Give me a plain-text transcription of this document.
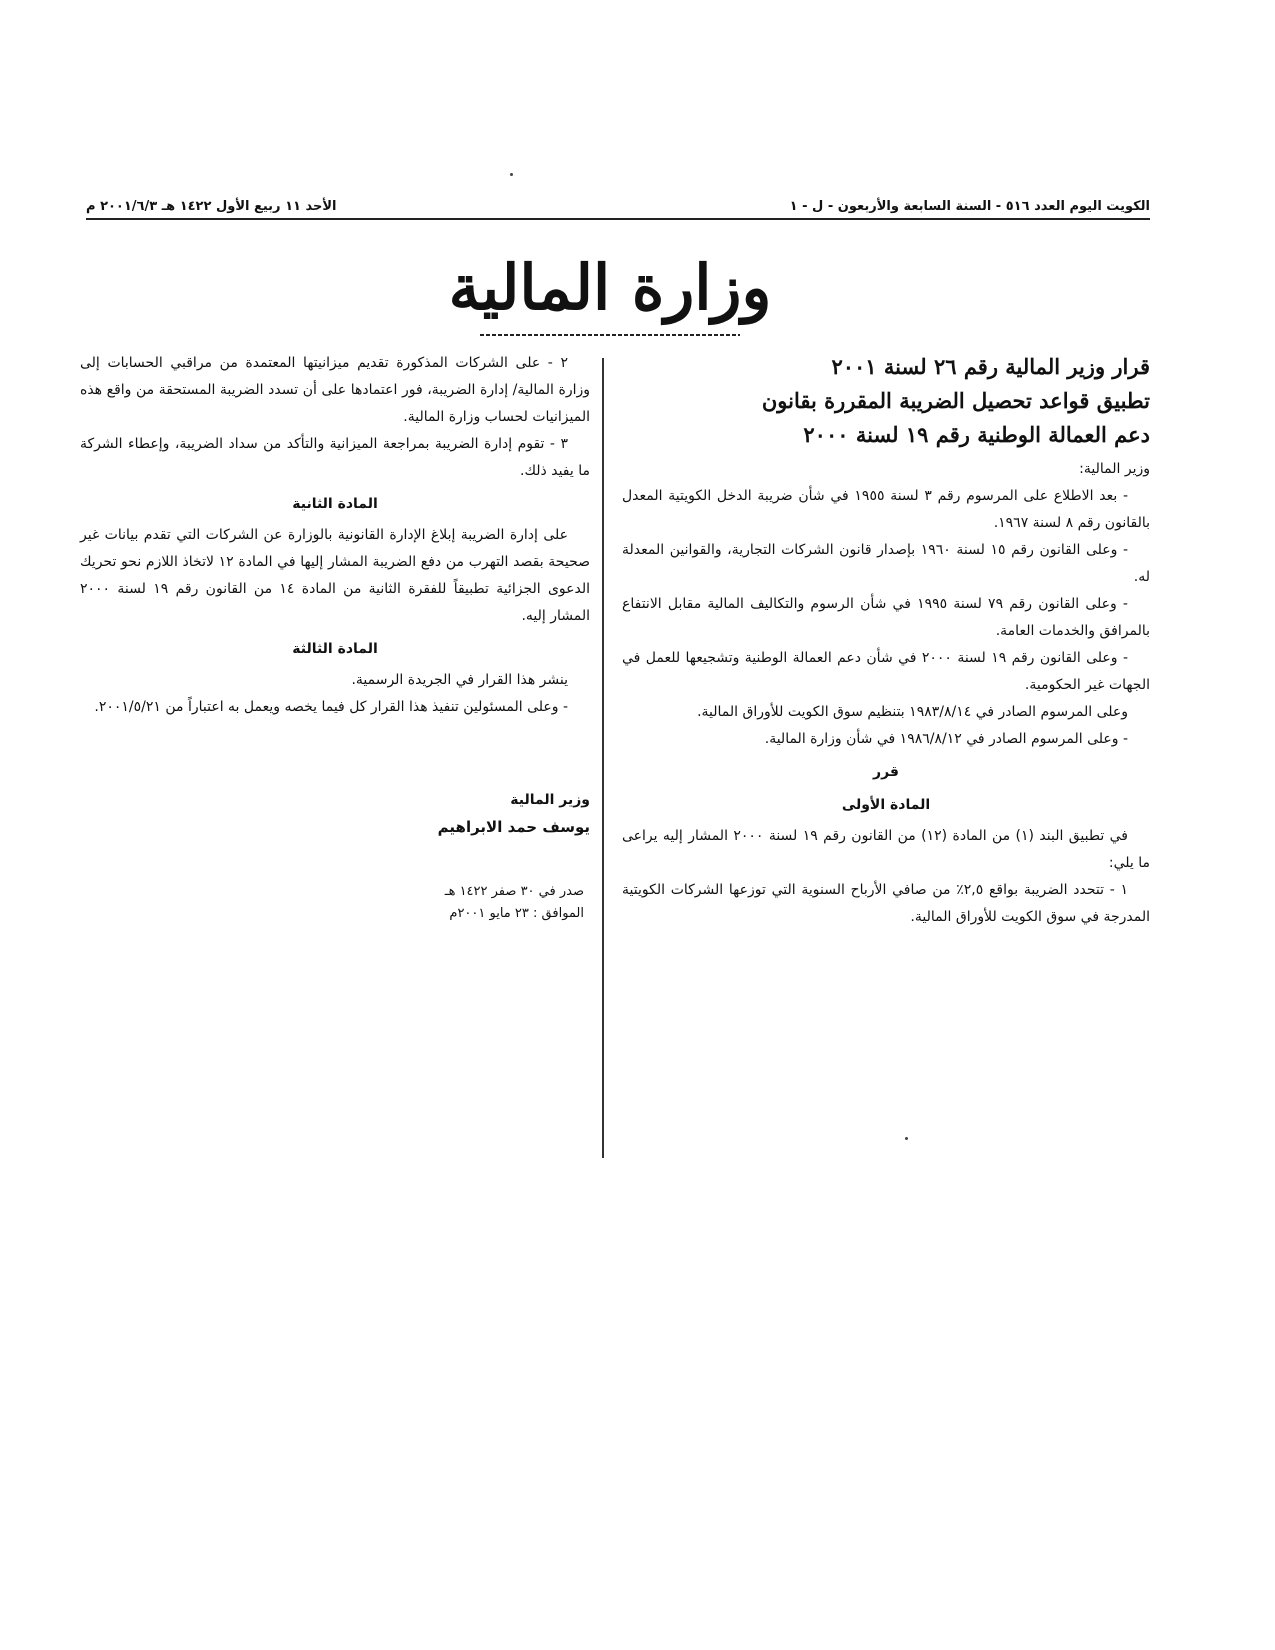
الكويت اليوم العدد ٥١٦ - السنة السابعة والأربعون - ل - ١
الأحد ١١ ربيع الأول ١٤٢٢ هـ ٢٠٠١/٦/٣ م
وزارة المالية
قرار وزير المالية رقم ٢٦ لسنة ٢٠٠١
تطبيق قواعد تحصيل الضريبة المقررة بقانون
دعم العمالة الوطنية رقم ١٩ لسنة ٢٠٠٠

وزير المالية:

- بعد الاطلاع على المرسوم رقم ٣ لسنة ١٩٥٥ في شأن ضريبة الدخل الكويتية المعدل بالقانون رقم ٨ لسنة ١٩٦٧.

- وعلى القانون رقم ١٥ لسنة ١٩٦٠ بإصدار قانون الشركات التجارية، والقوانين المعدلة له.

- وعلى القانون رقم ٧٩ لسنة ١٩٩٥ في شأن الرسوم والتكاليف المالية مقابل الانتفاع بالمرافق والخدمات العامة.

- وعلى القانون رقم ١٩ لسنة ٢٠٠٠ في شأن دعم العمالة الوطنية وتشجيعها للعمل في الجهات غير الحكومية.

وعلى المرسوم الصادر في ١٩٨٣/٨/١٤ بتنظيم سوق الكويت للأوراق المالية.

- وعلى المرسوم الصادر في ١٩٨٦/٨/١٢ في شأن وزارة المالية.

قرر
المادة الأولى

في تطبيق البند (١) من المادة (١٢) من القانون رقم ١٩ لسنة ٢٠٠٠ المشار إليه يراعى ما يلي:

١ - تتحدد الضريبة بواقع ٢,٥٪ من صافي الأرباح السنوية التي توزعها الشركات الكويتية المدرجة في سوق الكويت للأوراق المالية.

٢ - على الشركات المذكورة تقديم ميزانيتها المعتمدة من مراقبي الحسابات إلى وزارة المالية/ إدارة الضريبة، فور اعتمادها على أن تسدد الضريبة المستحقة من واقع هذه الميزانيات لحساب وزارة المالية.

٣ - تقوم إدارة الضريبة بمراجعة الميزانية والتأكد من سداد الضريبة، وإعطاء الشركة ما يفيد ذلك.

المادة الثانية

على إدارة الضريبة إبلاغ الإدارة القانونية بالوزارة عن الشركات التي تقدم بيانات غير صحيحة بقصد التهرب من دفع الضريبة المشار إليها في المادة ١٢ لاتخاذ اللازم نحو تحريك الدعوى الجزائية تطبيقاً للفقرة الثانية من المادة ١٤ من القانون رقم ١٩ لسنة ٢٠٠٠ المشار إليه.

المادة الثالثة

ينشر هذا القرار في الجريدة الرسمية.

- وعلى المسئولين تنفيذ هذا القرار كل فيما يخصه ويعمل به اعتباراً من ٢٠٠١/٥/٢١.

وزير المالية
يوسف حمد الابراهيم
صدر في ٣٠ صفر ١٤٢٢ هـ
الموافق : ٢٣ مايو ٢٠٠١م
